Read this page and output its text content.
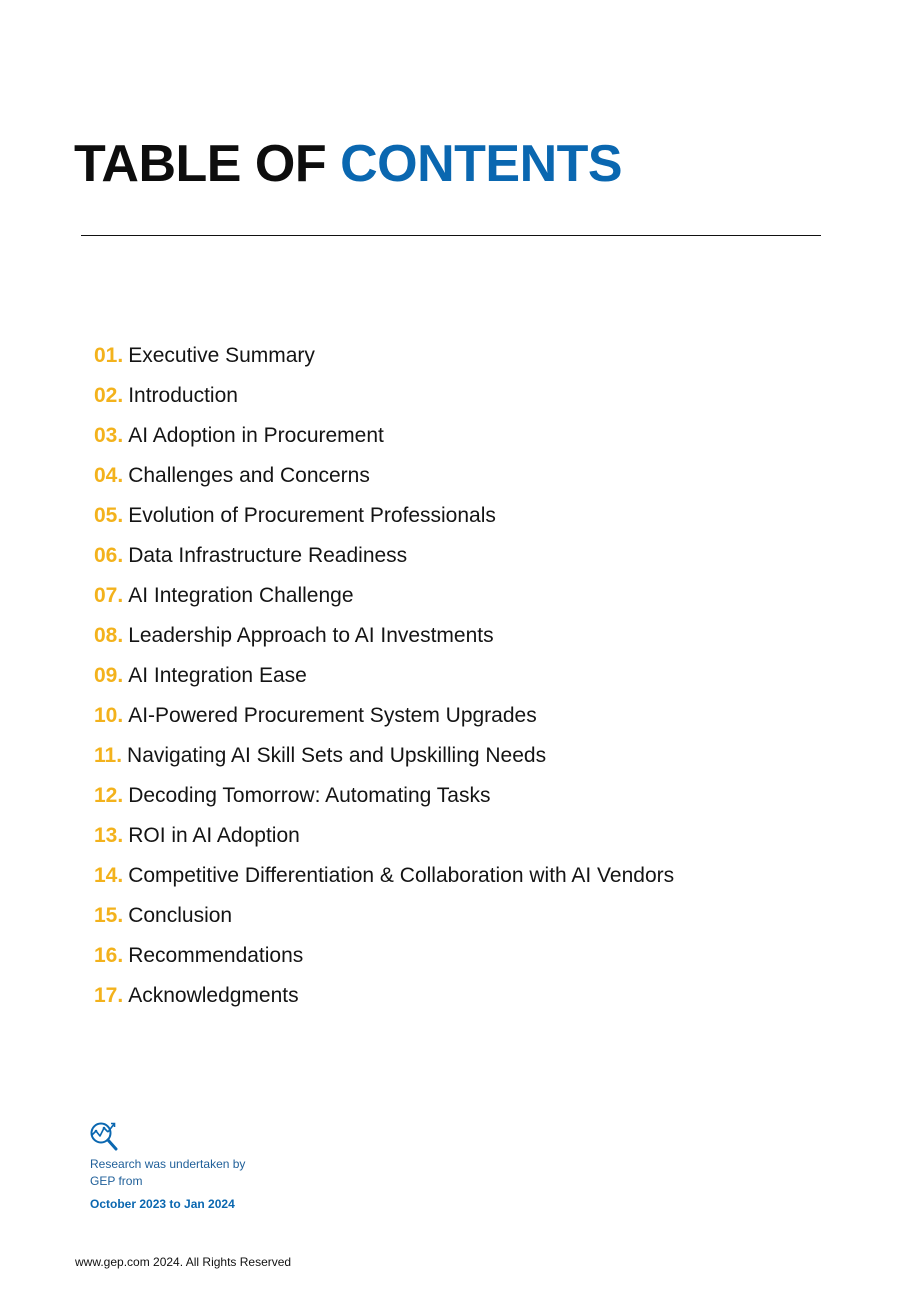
TABLE OF CONTENTS
01. Executive Summary
02. Introduction
03. AI Adoption in Procurement
04. Challenges and Concerns
05. Evolution of Procurement Professionals
06. Data Infrastructure Readiness
07. AI Integration Challenge
08. Leadership Approach to AI Investments
09. AI Integration Ease
10. AI-Powered Procurement System Upgrades
11. Navigating AI Skill Sets and Upskilling Needs
12. Decoding Tomorrow: Automating Tasks
13. ROI in AI Adoption
14. Competitive Differentiation & Collaboration with AI Vendors
15. Conclusion
16. Recommendations
17. Acknowledgments
Research was undertaken by GEP from
October 2023 to Jan 2024
www.gep.com 2024. All Rights Reserved
